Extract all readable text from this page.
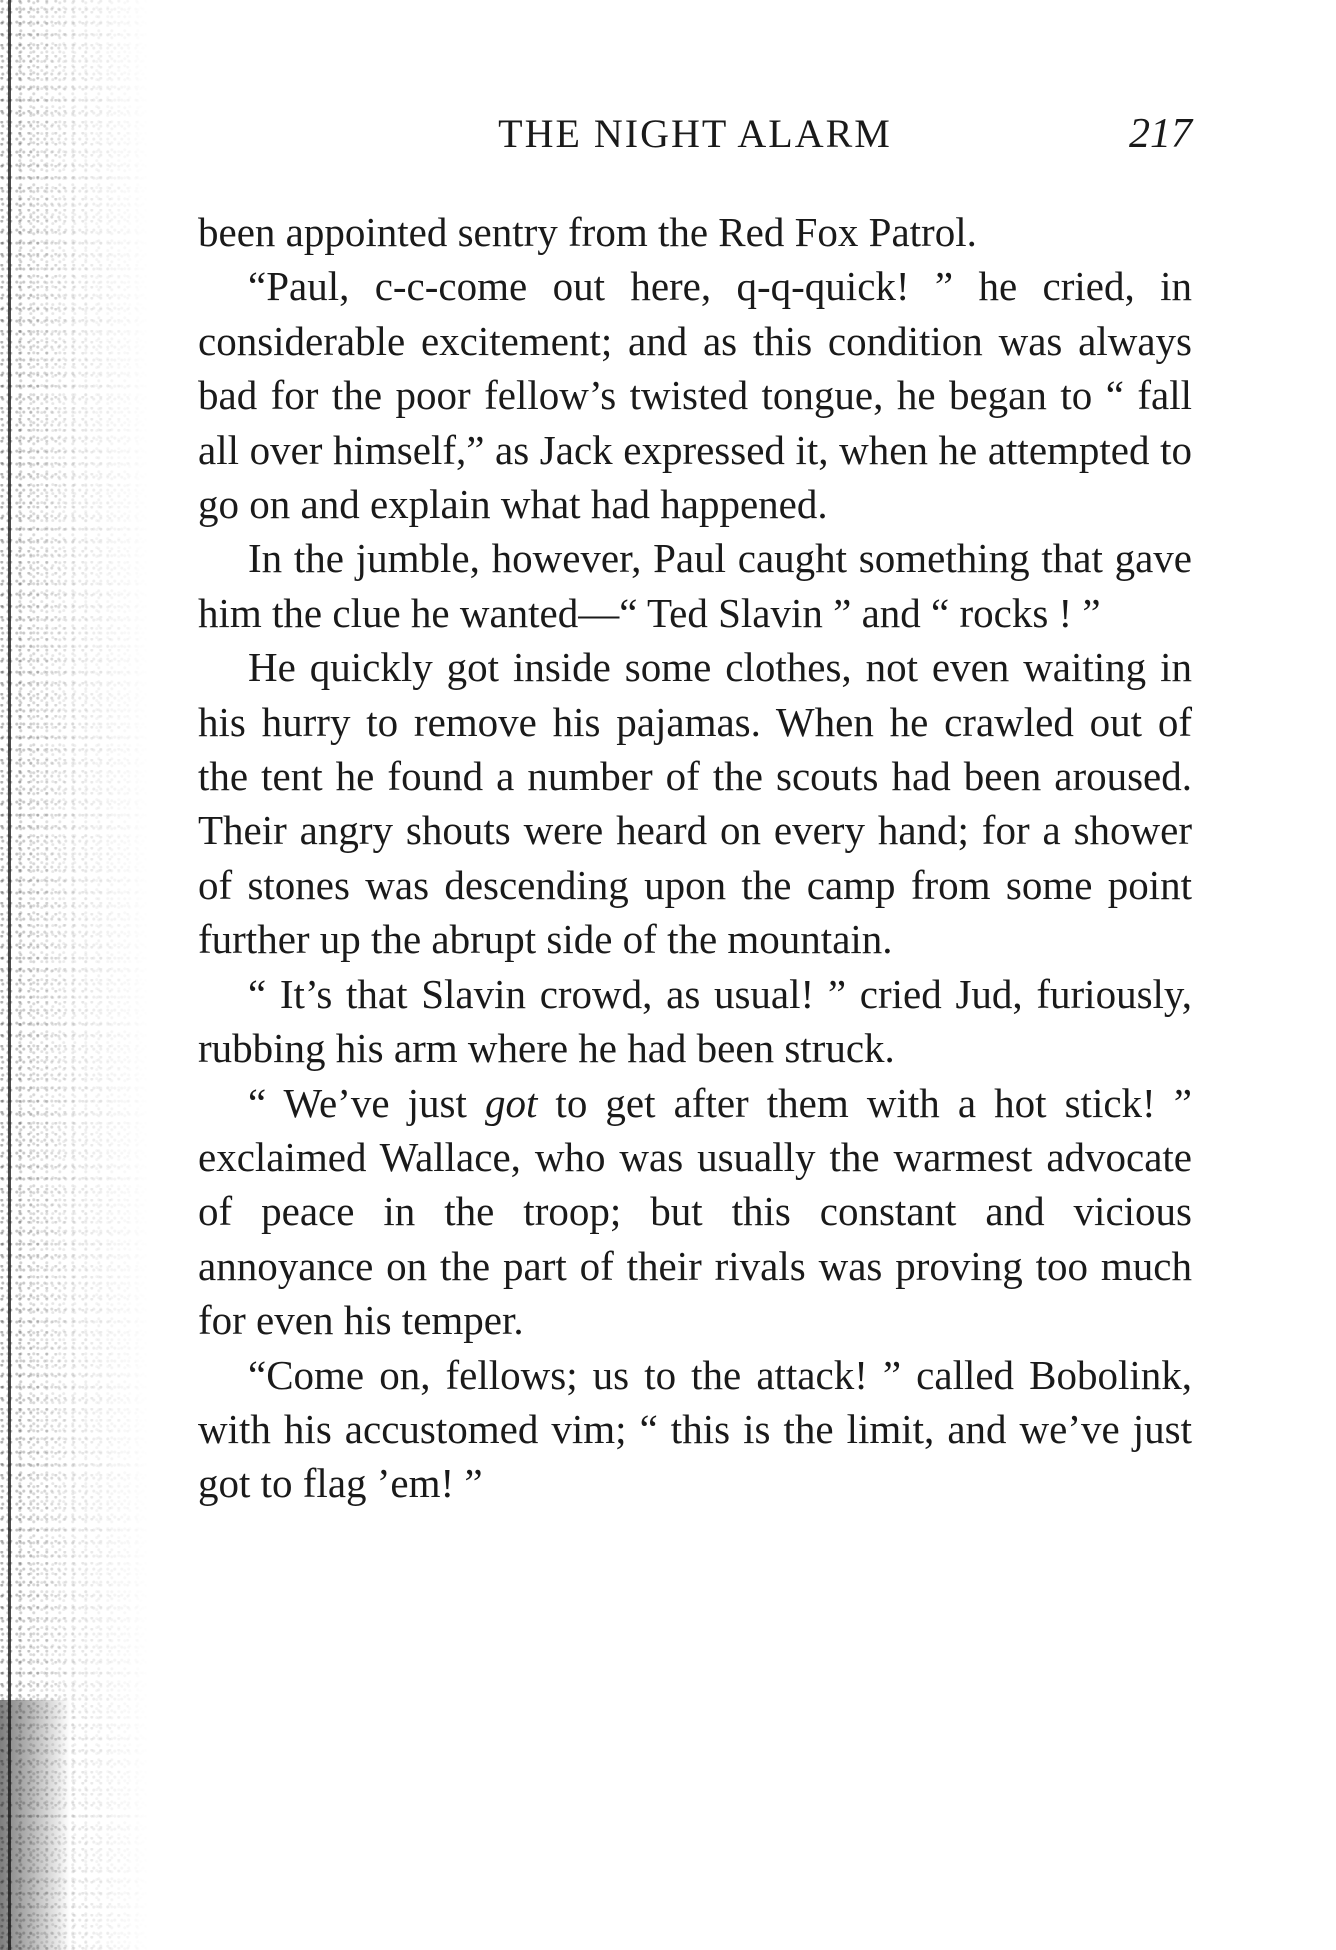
THE NIGHT ALARM	217

been appointed sentry from the Red Fox Patrol.

“Paul, c-c-come out here, q-q-quick! ” he cried, in considerable excitement; and as this condition was always bad for the poor fellow’s twisted tongue, he began to “ fall all over himself,” as Jack expressed it, when he attempted to go on and explain what had happened.

In the jumble, however, Paul caught something that gave him the clue he wanted—“ Ted Slavin ” and “ rocks ! ”

He quickly got inside some clothes, not even waiting in his hurry to remove his pajamas. When he crawled out of the tent he found a number of the scouts had been aroused. Their angry shouts were heard on every hand; for a shower of stones was descending upon the camp from some point further up the abrupt side of the mountain.

“ It’s that Slavin crowd, as usual! ” cried Jud, furiously, rubbing his arm where he had been struck.

“ We’ve just got to get after them with a hot stick! ” exclaimed Wallace, who was usually the warmest advocate of peace in the troop; but this constant and vicious annoyance on the part of their rivals was proving too much for even his temper.

“Come on, fellows; us to the attack! ” called Bobolink, with his accustomed vim; “ this is the limit, and we’ve just got to flag ’em! ”
